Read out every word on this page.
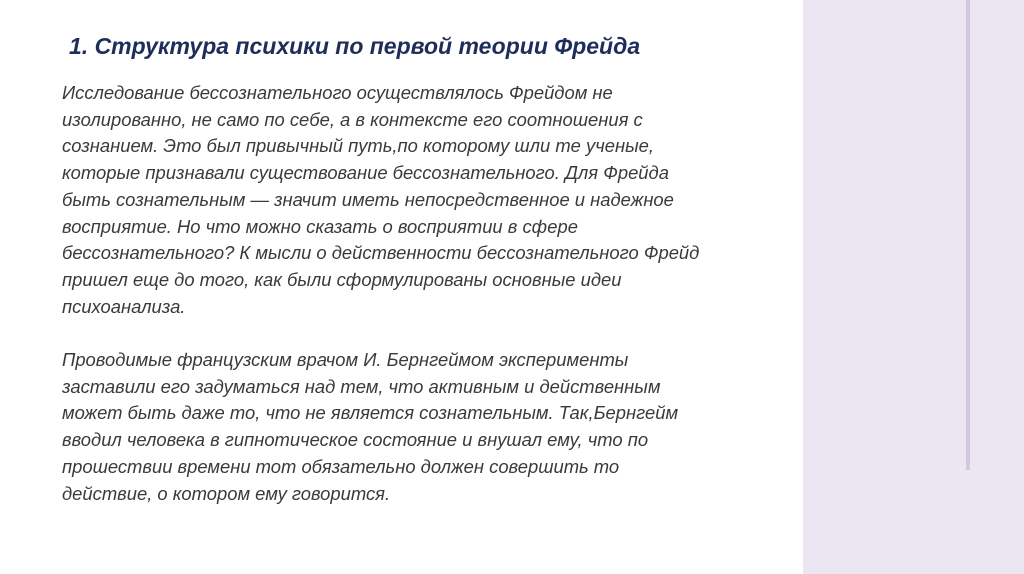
1. Структура психики по первой теории Фрейда
Исследование бессознательного осуществлялось Фрейдом не
изолированно, не само по себе, а в контексте его соотношения с
сознанием. Это был привычный путь,по которому шли те ученые,
которые признавали существование бессознательного. Для Фрейда
быть сознательным — значит иметь непосредственное и надежное
восприятие. Но что можно сказать о восприятии в сфере
бессознательного? К мысли о действенности бессознательного Фрейд
пришел еще до того, как были сформулированы основные идеи
психоанализа.
Проводимые французским врачом И. Бернгеймом эксперименты
заставили его задуматься над тем, что активным и действенным
может быть даже то, что не является сознательным. Так,Бернгейм
вводил человека в гипнотическое состояние и внушал ему, что по
прошествии времени тот обязательно должен совершить то
действие, о котором ему говорится.
